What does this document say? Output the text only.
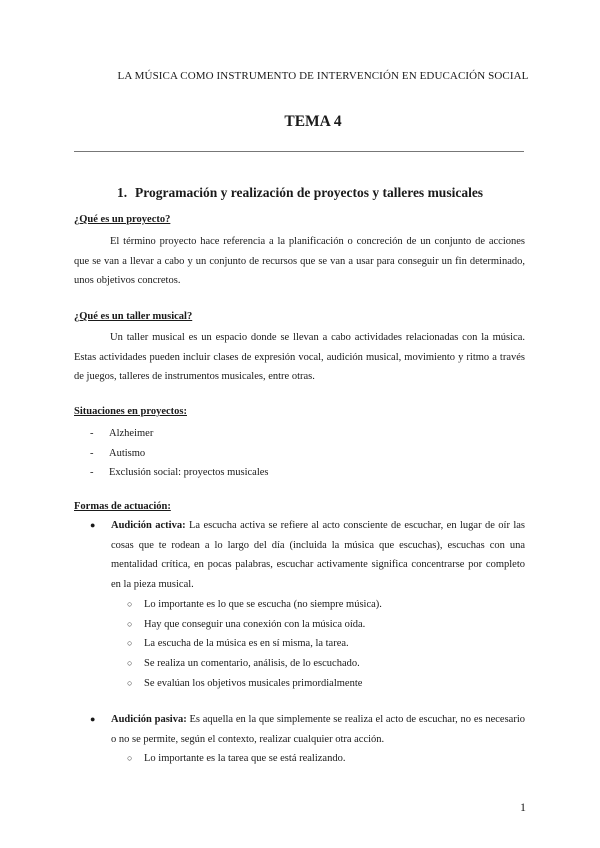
LA MÚSICA COMO INSTRUMENTO DE INTERVENCIÓN EN EDUCACIÓN SOCIAL
TEMA 4
1. Programación y realización de proyectos y talleres musicales
¿Qué es un proyecto?
El término proyecto hace referencia a la planificación o concreción de un conjunto de acciones que se van a llevar a cabo y un conjunto de recursos que se van a usar para conseguir un fin determinado, unos objetivos concretos.
¿Qué es un taller musical?
Un taller musical es un espacio donde se llevan a cabo actividades relacionadas con la música. Estas actividades pueden incluir clases de expresión vocal, audición musical, movimiento y ritmo a través de juegos, talleres de instrumentos musicales, entre otras.
Situaciones en proyectos:
- Alzheimer
- Autismo
- Exclusión social: proyectos musicales
Formas de actuación:
● Audición activa: La escucha activa se refiere al acto consciente de escuchar, en lugar de oír las cosas que te rodean a lo largo del día (incluida la música que escuchas), escuchas con una mentalidad crítica, en pocas palabras, escuchar activamente significa concentrarse por completo en la pieza musical.
○ Lo importante es lo que se escucha (no siempre música).
○ Hay que conseguir una conexión con la música oída.
○ La escucha de la música es en sí misma, la tarea.
○ Se realiza un comentario, análisis, de lo escuchado.
○ Se evalúan los objetivos musicales primordialmente
● Audición pasiva: Es aquella en la que simplemente se realiza el acto de escuchar, no es necesario o no se permite, según el contexto, realizar cualquier otra acción.
○ Lo importante es la tarea que se está realizando.
1
